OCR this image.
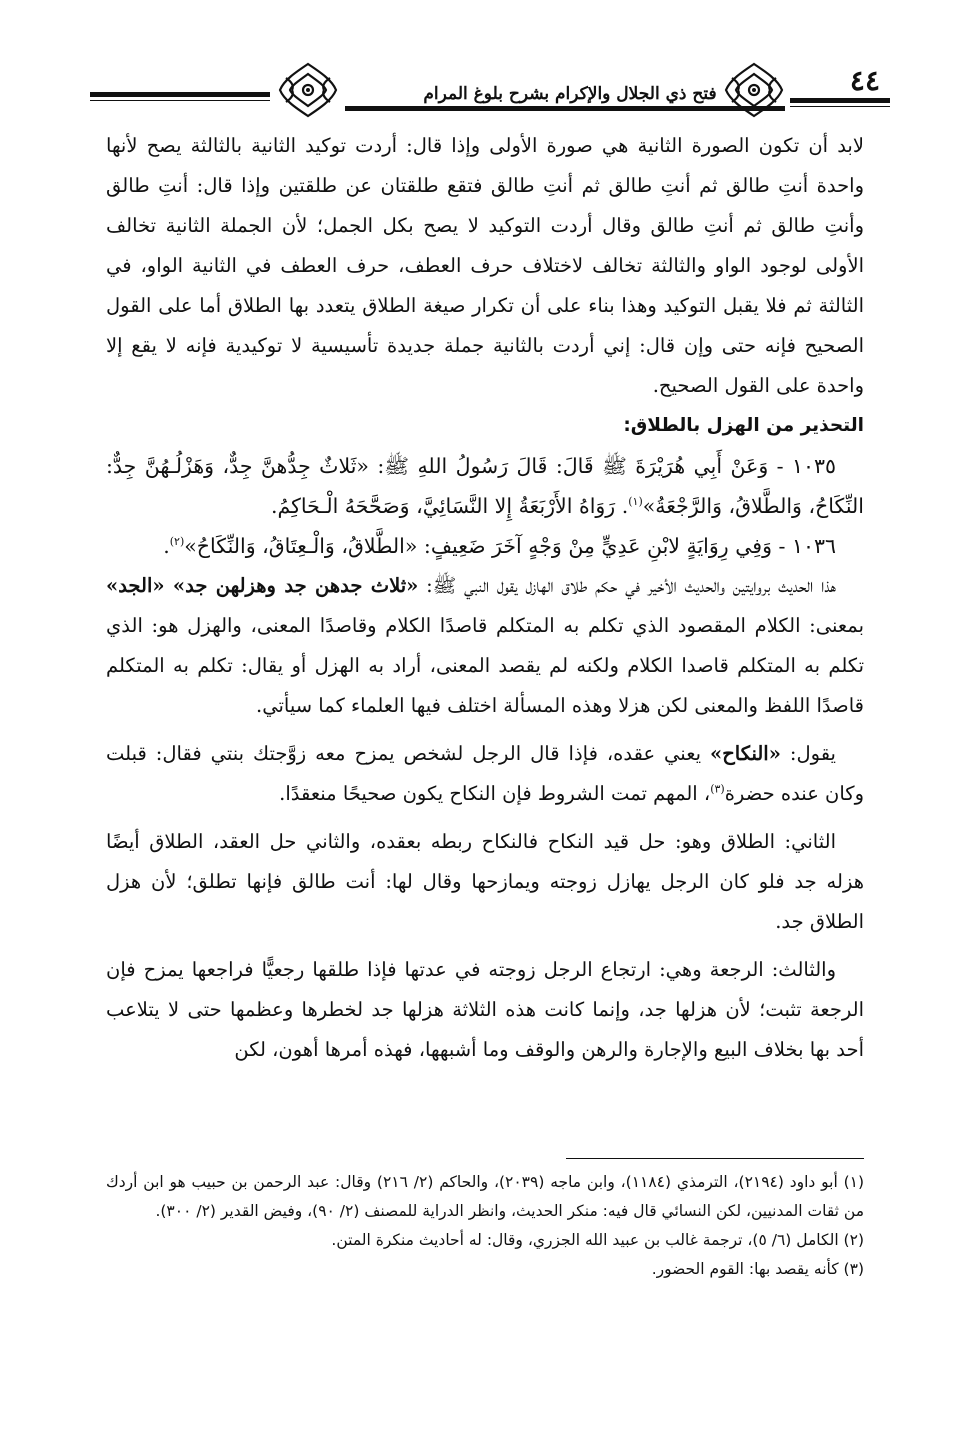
فتح ذي الجلال والإكرام بشرح بلوغ المرام	٤٤

لابد أن تكون الصورة الثانية هي صورة الأولى وإذا قال: أردت توكيد الثانية بالثالثة يصح لأنها واحدة أنتِ طالق ثم أنتِ طالق ثم أنتِ طالق فتقع طلقتان عن طلقتين وإذا قال: أنتِ طالق وأنتِ طالق ثم أنتِ طالق وقال أردت التوكيد لا يصح بكل الجمل؛ لأن الجملة الثانية تخالف الأولى لوجود الواو والثالثة تخالف لاختلاف حرف العطف، حرف العطف في الثانية الواو، في الثالثة ثم فلا يقبل التوكيد وهذا بناء على أن تكرار صيغة الطلاق يتعدد بها الطلاق أما على القول الصحيح فإنه حتى وإن قال: إني أردت بالثانية جملة جديدة تأسيسية لا توكيدية فإنه لا يقع إلا واحدة على القول الصحيح.

التحذير من الهزل بالطلاق:

١٠٣٥ - وَعَنْ أَبِي هُرَيْرَةَ ﷺ قَالَ: قَالَ رَسُولُ اللهِ ﷺ: «ثَلاثٌ جِدُّهنَّ جِدٌّ، وَهَزْلُـهُنَّ جِدٌّ: النِّكَاحُ، وَالطَّلاقُ، وَالرَّجْعَةُ»$^{(١)}$. رَوَاهُ الأَرْبَعَةُ إِلا النَّسَائِيَّ، وَصَحَّحَهُ الْـحَاكِمُ.

١٠٣٦ - وَفِي رِوَايَةٍ لابْنِ عَدِيٍّ مِنْ وَجْهٍ آخَرَ ضَعِيفٍ: «الطَّلاقُ، وَالْـعِتَاقُ، وَالنِّكَاحُ»$^{(٢)}$.

هذا الحديث بروايتين والحديث الأخير في حكم طلاق الهازل يقول النبي ﷺ: «ثلاث جدهن جد وهزلهن جد» «الجد» بمعنى: الكلام المقصود الذي تكلم به المتكلم قاصدًا الكلام وقاصدًا المعنى، والهزل هو: الذي تكلم به المتكلم قاصدا الكلام ولكنه لم يقصد المعنى، أراد به الهزل أو يقال: تكلم به المتكلم قاصدًا اللفظ والمعنى لكن هزلا وهذه المسألة اختلف فيها العلماء كما سيأتي.

يقول: «النكاح» يعني عقده، فإذا قال الرجل لشخص يمزح معه زوَّجتك بنتي فقال: قبلت وكان عنده حضرة$^{(٣)}$، المهم تمت الشروط فإن النكاح يكون صحيحًا منعقدًا.

الثاني: الطلاق وهو: حل قيد النكاح فالنكاح ربطه بعقده، والثاني حل العقد، الطلاق أيضًا هزله جد فلو كان الرجل يهازل زوجته ويمازحها وقال لها: أنت طالق فإنها تطلق؛ لأن هزل الطلاق جد.

والثالث: الرجعة وهي: ارتجاع الرجل زوجته في عدتها فإذا طلقها رجعيًّا فراجعها يمزح فإن الرجعة تثبت؛ لأن هزلها جد، وإنما كانت هذه الثلاثة هزلها جد لخطرها وعظمها حتى لا يتلاعب أحد بها بخلاف البيع والإجارة والرهن والوقف وما أشبهها، فهذه أمرها أهون، لكن

(١) أبو داود (٢١٩٤)، الترمذي (١١٨٤)، وابن ماجه (٢٠٣٩)، والحاكم (٢/ ٢١٦) وقال: عبد الرحمن بن حبيب هو ابن أردك من ثقات المدنيين، لكن النسائي قال فيه: منكر الحديث، وانظر الدراية للمصنف (٢/ ٩٠)، وفيض القدير (٢/ ٣٠٠).

(٢) الكامل (٦/ ٥)، ترجمة غالب بن عبيد الله الجزري، وقال: له أحاديث منكرة المتن.

(٣) كأنه يقصد بها: القوم الحضور.
